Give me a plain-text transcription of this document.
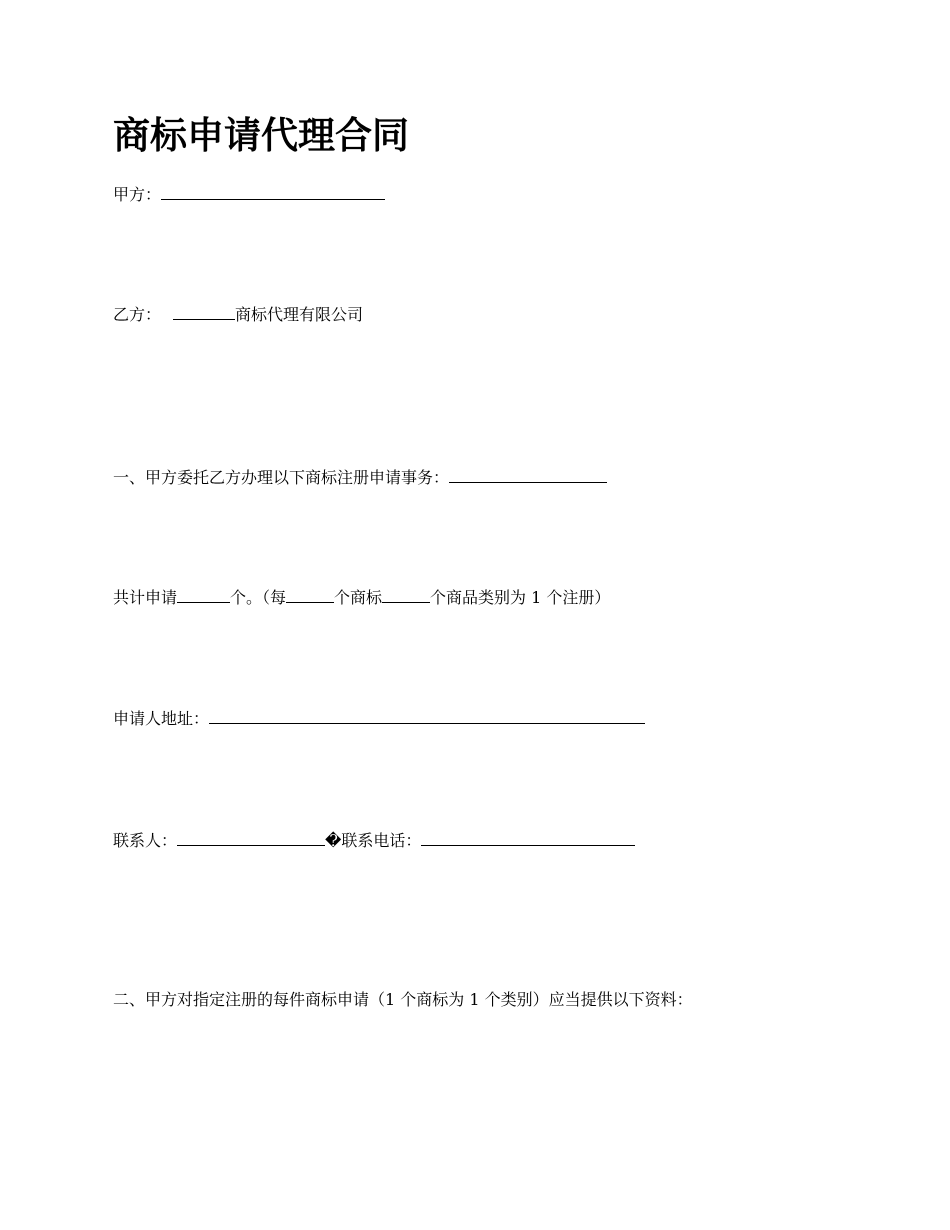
商标申请代理合同
甲方：
乙方：	商标代理有限公司
一、甲方委托乙方办理以下商标注册申请事务：
共计申请	个。（每	个商标	个商品类别为 1 个注册）
申请人地址：
联系人：	�联系电话：
二、甲方对指定注册的每件商标申请（1 个商标为 1 个类别）应当提供以下资料：
